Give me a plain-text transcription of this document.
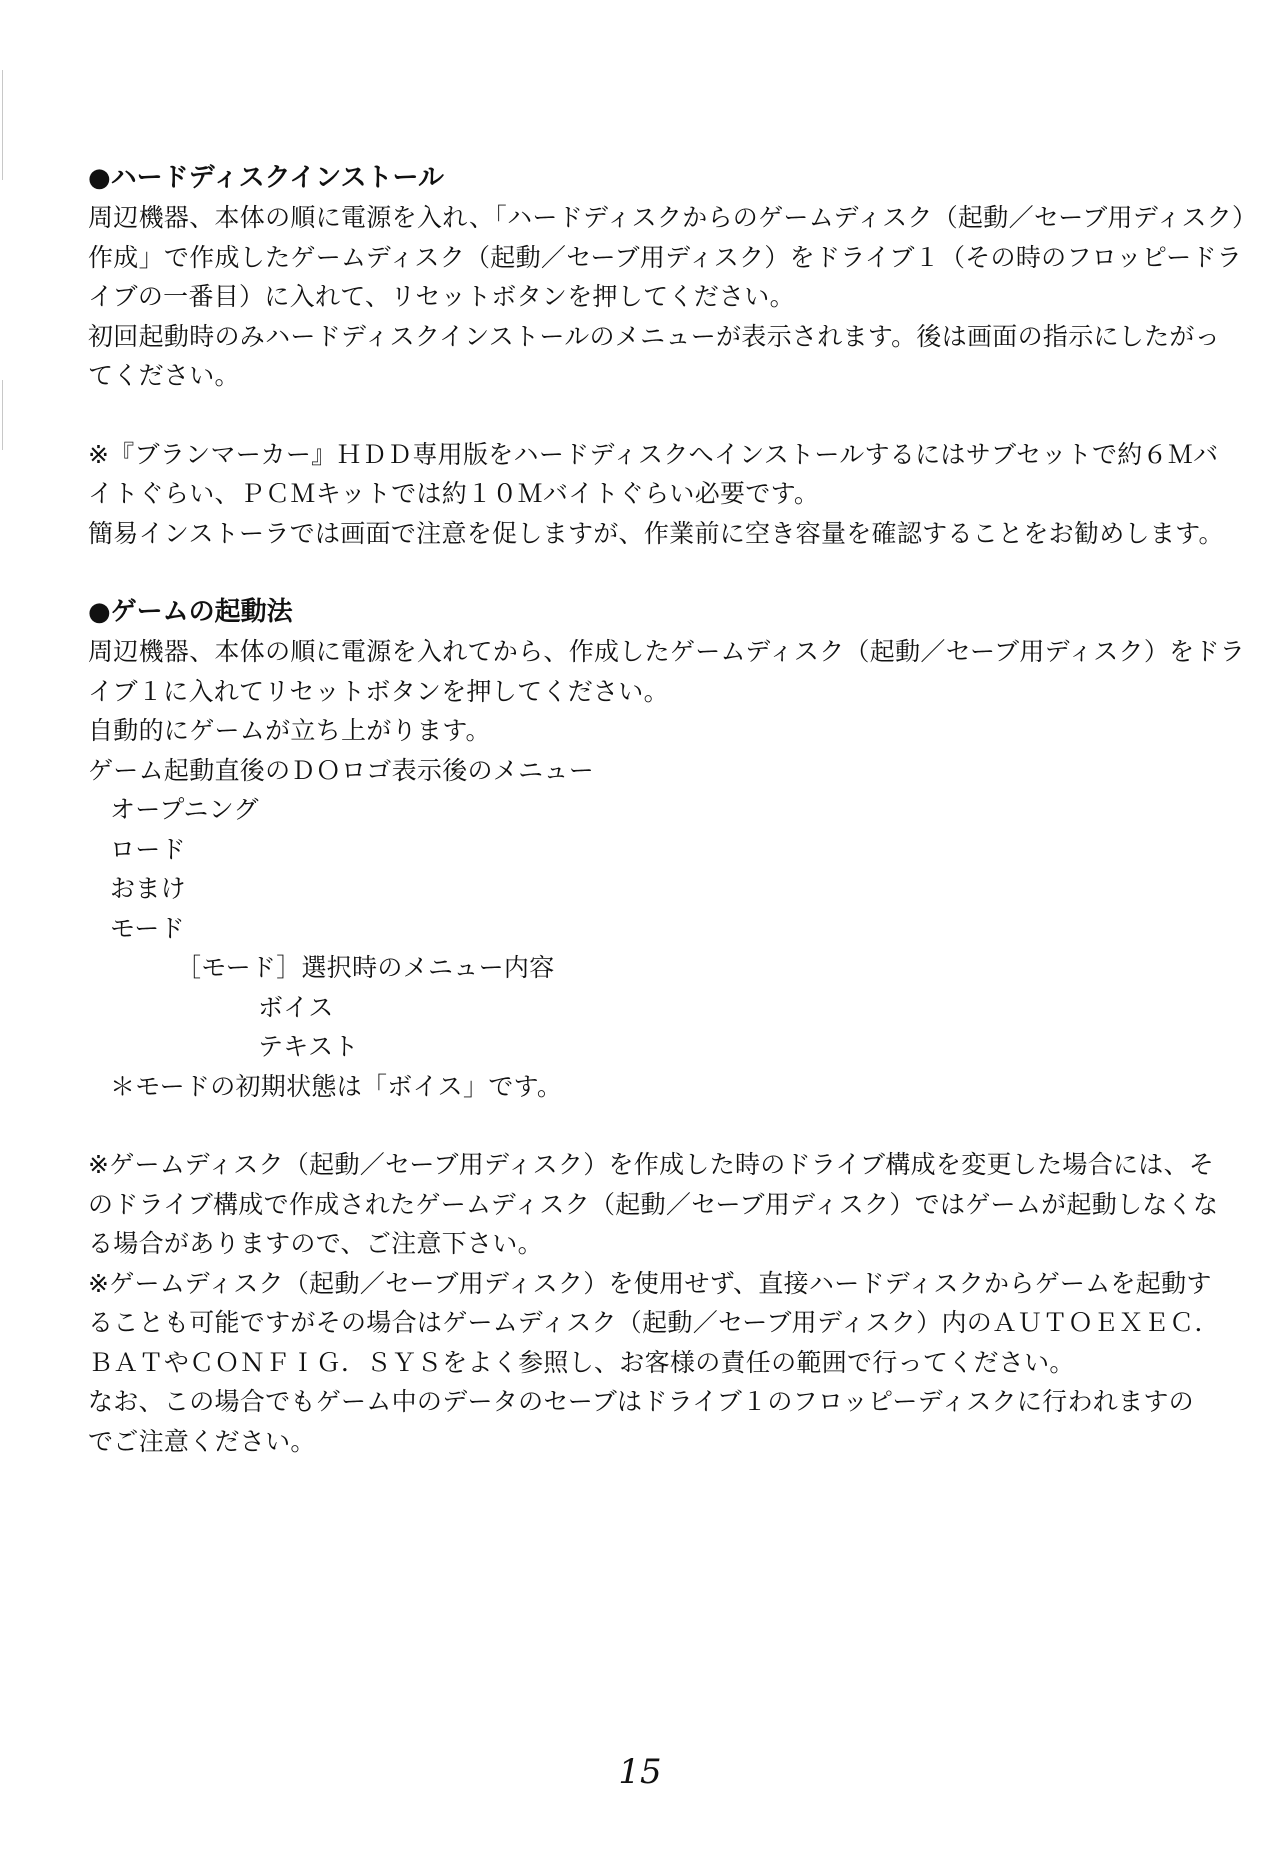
●ハードディスクインストール

周辺機器、本体の順に電源を入れ、「ハードディスクからのゲームディスク（起動／セーブ用ディスク）

作成」で作成したゲームディスク（起動／セーブ用ディスク）をドライブ１（その時のフロッピードラ

イブの一番目）に入れて、リセットボタンを押してください。

初回起動時のみハードディスクインストールのメニューが表示されます。後は画面の指示にしたがっ

てください。

※『ブランマーカー』ＨＤＤ専用版をハードディスクへインストールするにはサブセットで約６Ｍバ

イトぐらい、ＰＣＭキットでは約１０Ｍバイトぐらい必要です。

簡易インストーラでは画面で注意を促しますが、作業前に空き容量を確認することをお勧めします。

●ゲームの起動法

周辺機器、本体の順に電源を入れてから、作成したゲームディスク（起動／セーブ用ディスク）をドラ

イブ１に入れてリセットボタンを押してください。

自動的にゲームが立ち上がります。

ゲーム起動直後のＤＯロゴ表示後のメニュー

オープニング

ロード

おまけ

モード

［モード］選択時のメニュー内容

ボイス

テキスト

＊モードの初期状態は「ボイス」です。

※ゲームディスク（起動／セーブ用ディスク）を作成した時のドライブ構成を変更した場合には、そ

のドライブ構成で作成されたゲームディスク（起動／セーブ用ディスク）ではゲームが起動しなくな

る場合がありますので、ご注意下さい。

※ゲームディスク（起動／セーブ用ディスク）を使用せず、直接ハードディスクからゲームを起動す

ることも可能ですがその場合はゲームディスク（起動／セーブ用ディスク）内のＡＵＴＯＥＸＥＣ．

ＢＡＴやＣＯＮＦＩＧ．ＳＹＳをよく参照し、お客様の責任の範囲で行ってください。

なお、この場合でもゲーム中のデータのセーブはドライブ１のフロッピーディスクに行われますの

でご注意ください。

15
